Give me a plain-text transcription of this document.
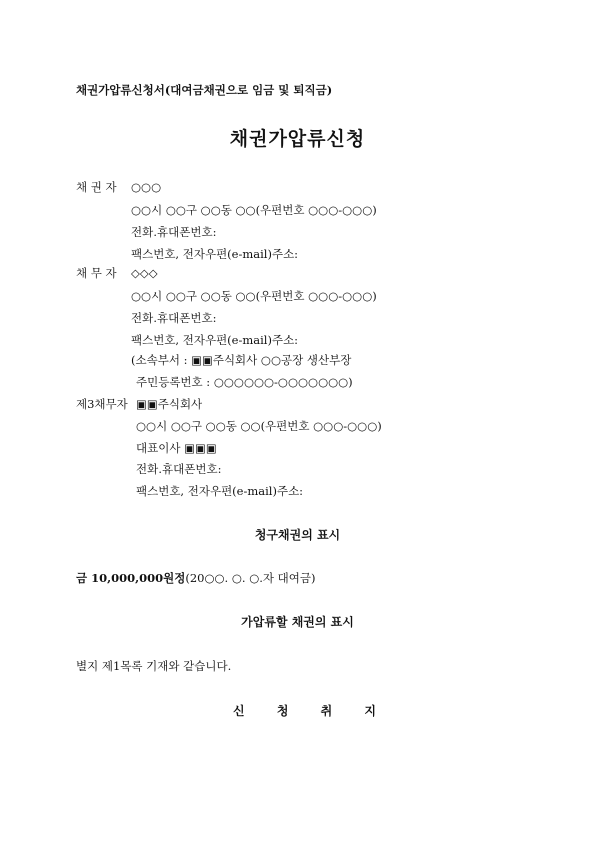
채권가압류신청서(대여금채권으로 임금 및 퇴직금)
채권가압류신청
채 권 자 ○○○
○○시 ○○구 ○○동 ○○(우편번호 ○○○-○○○)
전화․휴대폰번호:
팩스번호, 전자우편(e-mail)주소:
채 무 자 ◇◇◇
○○시 ○○구 ○○동 ○○(우편번호 ○○○-○○○)
전화․휴대폰번호:
팩스번호, 전자우편(e-mail)주소:
(소속부서 : ▣▣주식회사 ○○공장 생산부장
주민등록번호 : ○○○○○○-○○○○○○○)
제3채무자 ▣▣주식회사
○○시 ○○구 ○○동 ○○(우편번호 ○○○-○○○)
대표이사 ▣▣▣
전화․휴대폰번호:
팩스번호, 전자우편(e-mail)주소:
청구채권의 표시
금 10,000,000원정(20○○. ○. ○.자 대여금)
가압류할 채권의 표시
별지 제1목록 기재와 같습니다.
신 청 취 지
